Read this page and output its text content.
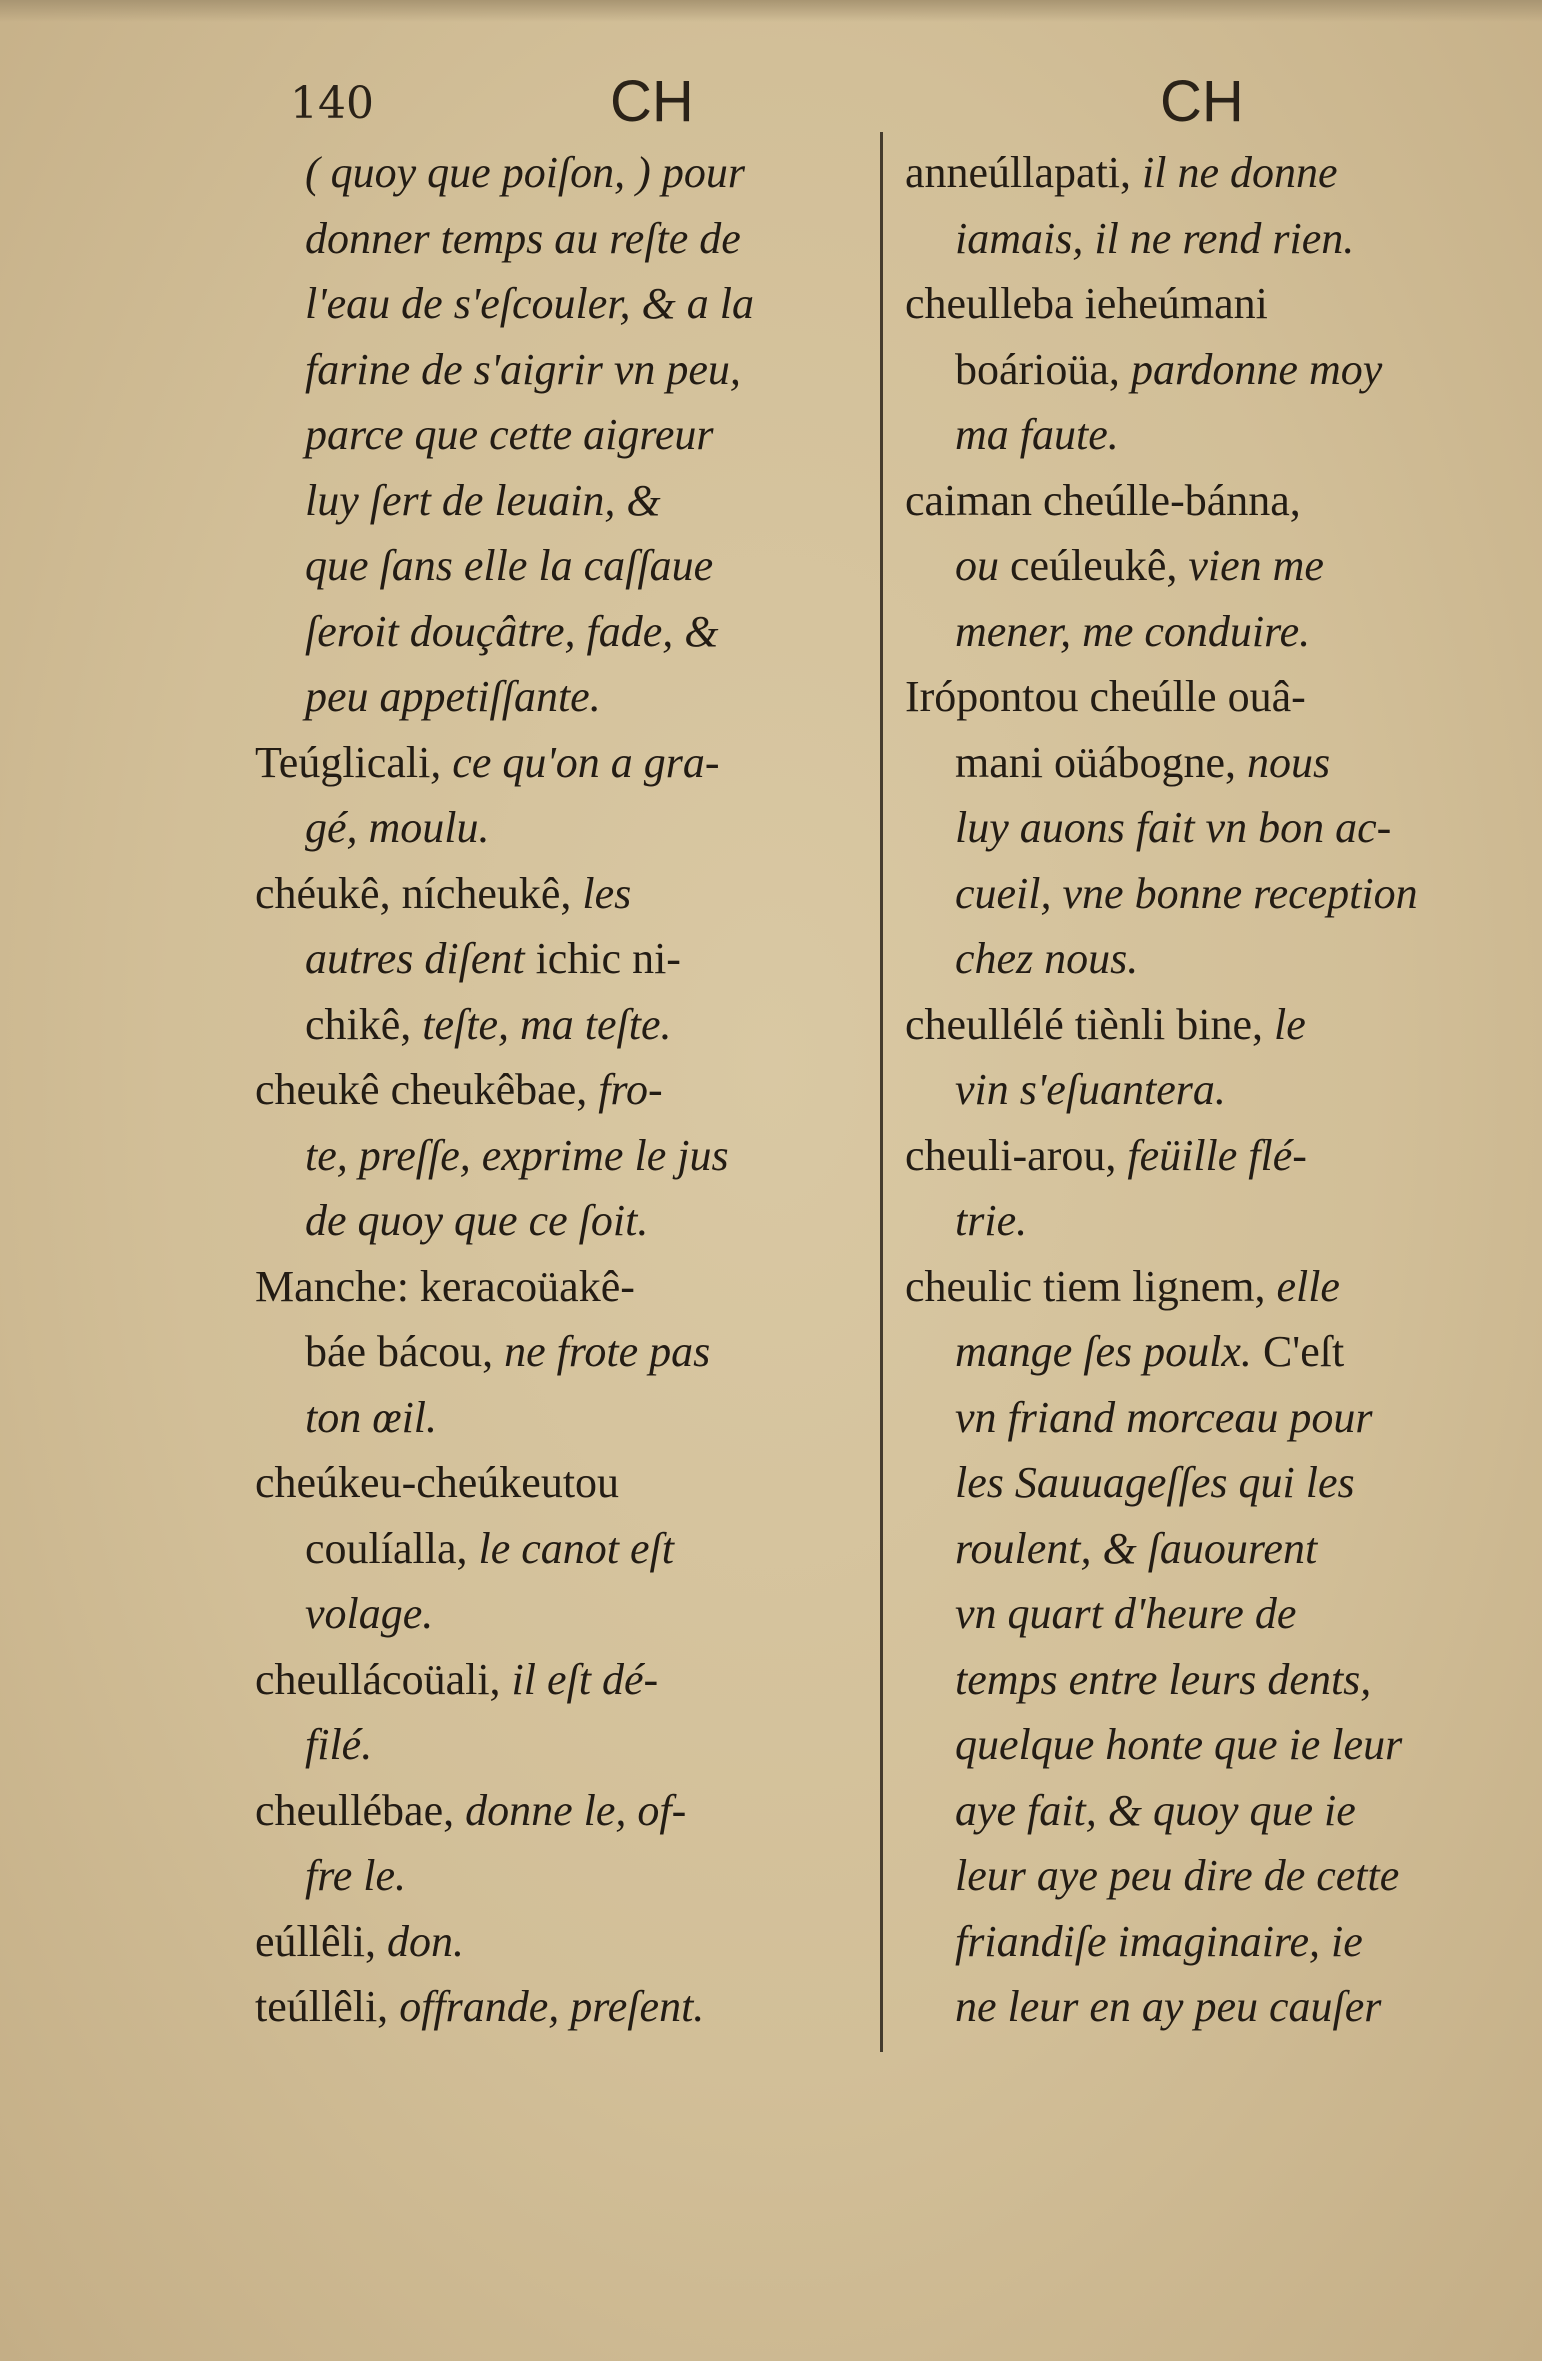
140	CH	CH
( quoy que poiſon, ) pour
donner temps au reſte de
l'eau de s'eſcouler, & a la
farine de s'aigrir vn peu,
parce que cette aigreur
luy ſert de leuain, &
que ſans elle la caſſaue
ſeroit douçâtre, fade, &
peu appetiſſante.
Teúglicali, ce qu'on a gra-
gé, moulu.
chéukê, nícheukê, les
autres diſent ichic ni-
chikê, teſte, ma teſte.
cheukê cheukêbae, fro-
te, preſſe, exprime le jus
de quoy que ce ſoit.
Manche: keracoüakê-
báe bácou, ne frote pas
ton œil.
cheúkeu-cheúkeutou
coulíalla, le canot eſt
volage.
cheullácoüali, il eſt dé-
filé.
cheullébae, donne le, of-
fre le.
eúllêli, don.
teúllêli, offrande, preſent.
anneúllapati, il ne donne
iamais, il ne rend rien.
cheulleba ieheúmani
boárioüa, pardonne moy
ma faute.
caiman cheúlle-bánna,
ou ceúleukê, vien me
mener, me conduire.
Irópontou cheúlle ouâ-
mani oüábogne, nous
luy auons fait vn bon ac-
cueil, vne bonne reception
chez nous.
cheullélé tiènli bine, le
vin s'eſuantera.
cheuli-arou, feüille flé-
trie.
cheulic tiem lignem, elle
mange ſes poulx. C'eſt
vn friand morceau pour
les Sauuageſſes qui les
roulent, & ſauourent
vn quart d'heure de
temps entre leurs dents,
quelque honte que ie leur
aye fait, & quoy que ie
leur aye peu dire de cette
friandiſe imaginaire, ie
ne leur en ay peu cauſer
